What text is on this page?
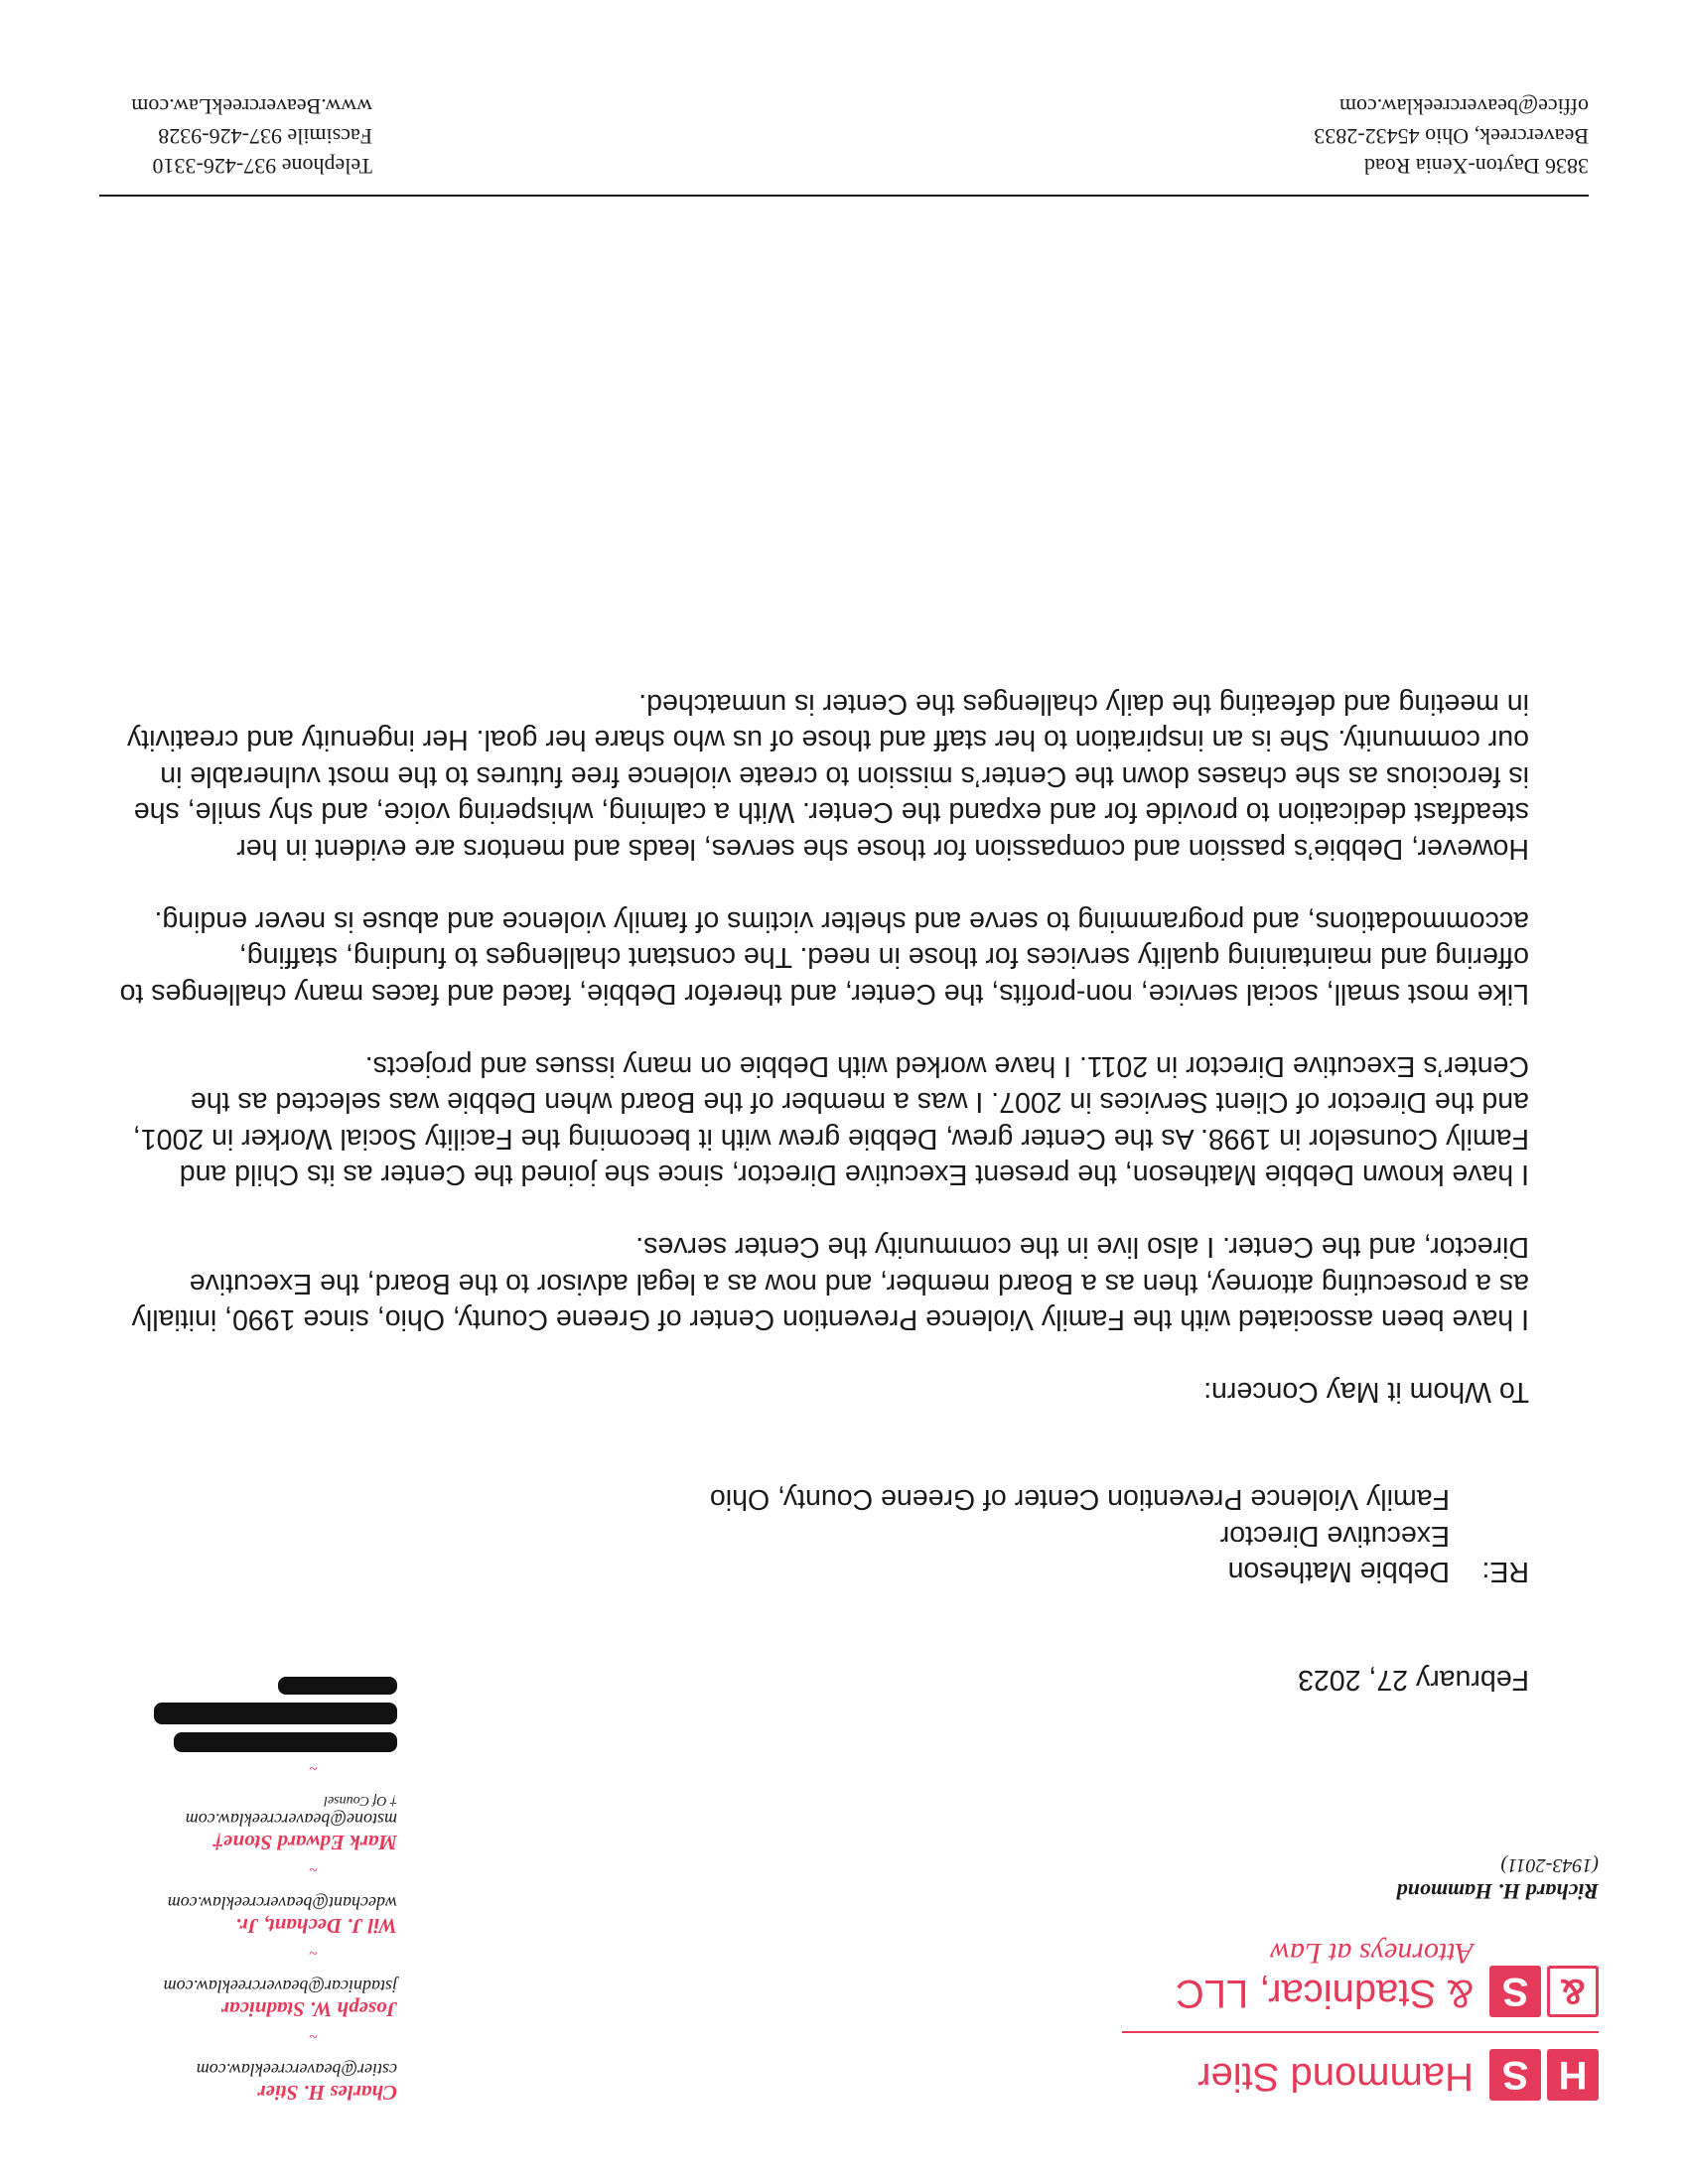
H
S
&
S
Hammond Stier
& Stadnicar, LLC
Attorneys at Law
Richard H. Hammond
(1943-2011)
Charles H. Stier
cstier@beavercreeklaw.com
~
Joseph W. Stadnicar
jstadnicar@beavercreeklaw.com
~
Wil J. Dechant, Jr.
wdechant@beavercreeklaw.com
~
Mark Edward Stone†
mstone@beavercreeklaw.com
† Of Counsel
~
February 27, 2023
RE:
Debbie Matheson
Executive Director
Family Violence Prevention Center of Greene County, Ohio
To Whom it May Concern:

I have been associated with the Family Violence Prevention Center of Greene County, Ohio, since 1990, initially as a prosecuting attorney, then as a Board member, and now as a legal advisor to the Board, the Executive Director, and the Center. I also live in the community the Center serves.

I have known Debbie Matheson, the present Executive Director, since she joined the Center as its Child and Family Counselor in 1998. As the Center grew, Debbie grew with it becoming the Facility Social Worker in 2001, and the Director of Client Services in 2007. I was a member of the Board when Debbie was selected as the Center’s Executive Director in 2011. I have worked with Debbie on many issues and projects.

Like most small, social service, non-profits, the Center, and therefor Debbie, faced and faces many challenges to offering and maintaining quality services for those in need. The constant challenges to funding, staffing, accommodations, and programming to serve and shelter victims of family violence and abuse is never ending.

However, Debbie’s passion and compassion for those she serves, leads and mentors are evident in her steadfast dedication to provide for and expand the Center. With a calming, whispering voice, and shy smile, she is ferocious as she chases down the Center’s mission to create violence free futures to the most vulnerable in our community. She is an inspiration to her staff and those of us who share her goal. Her ingenuity and creativity in meeting and defeating the daily challenges the Center is unmatched.

3836 Dayton-Xenia Road
Beavercreek, Ohio 45432-2833
office@beavercreeklaw.com
Telephone 937-426-3310
Facsimile 937-426-9328
www.BeavercreekLaw.com
